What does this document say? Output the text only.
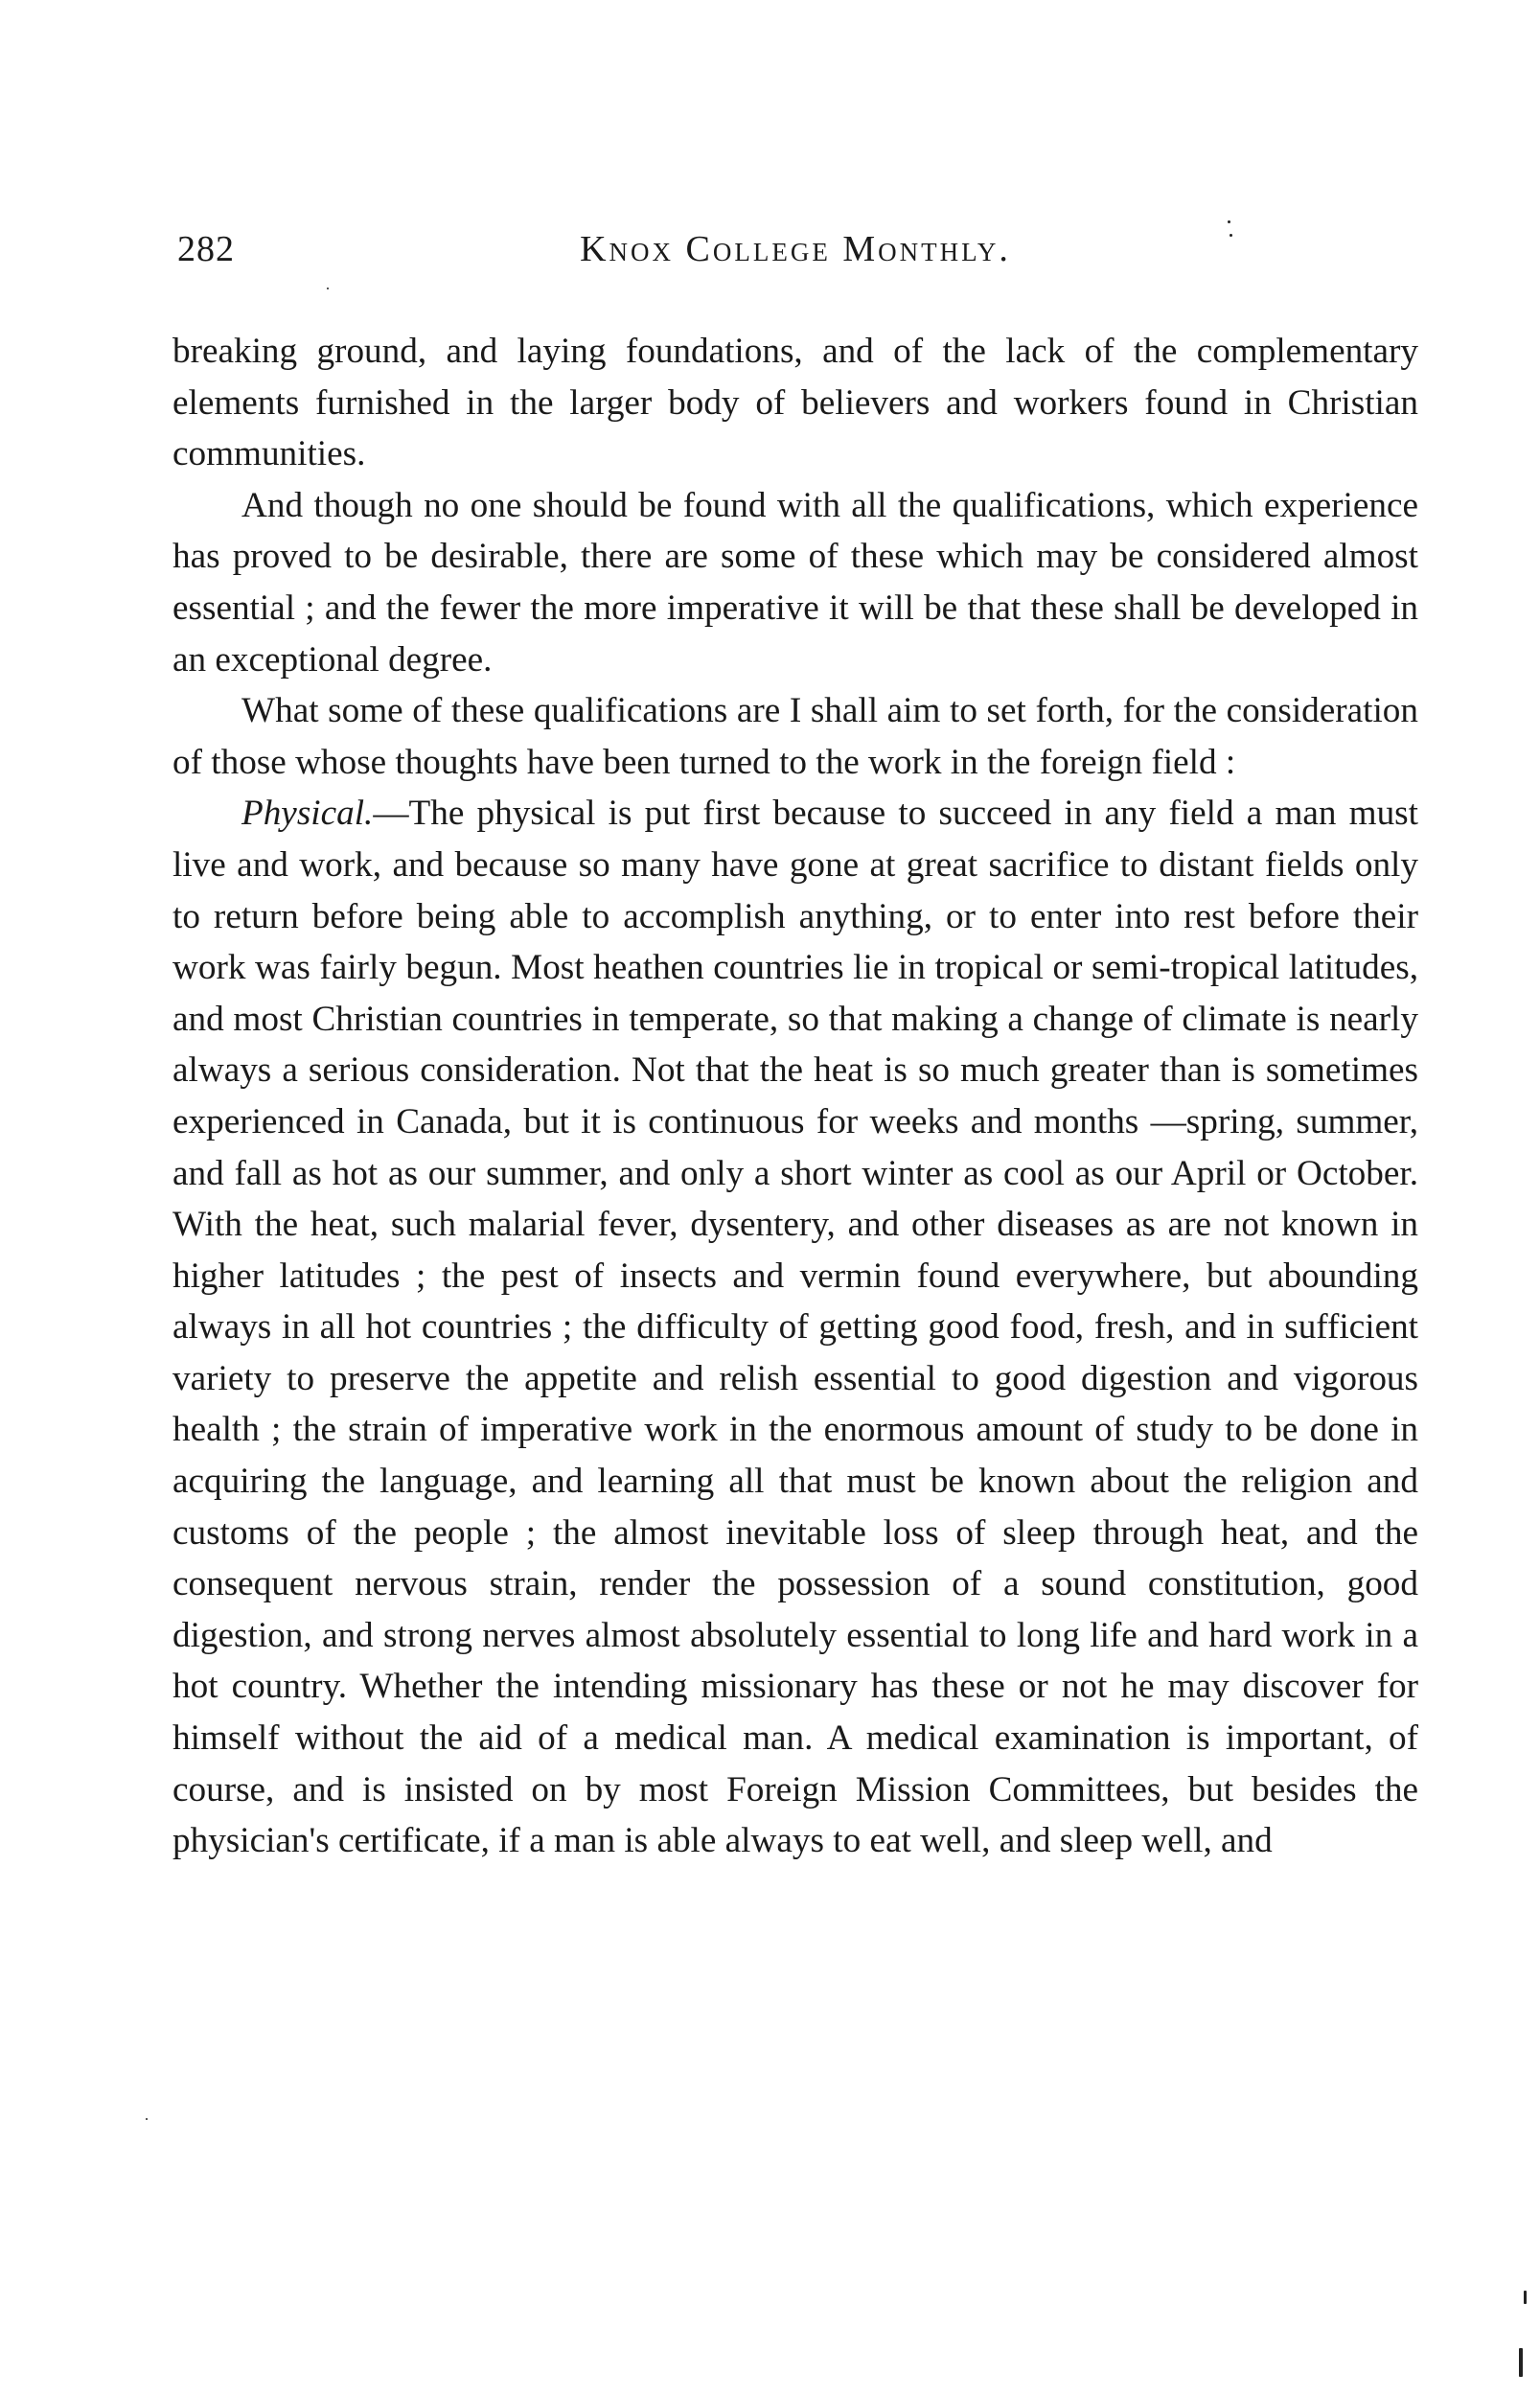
282	Knox College Monthly.

breaking ground, and laying foundations, and of the lack of the complementary elements furnished in the larger body of believers and workers found in Christian communities.

And though no one should be found with all the qualifications, which experience has proved to be desirable, there are some of these which may be considered almost essential ; and the fewer the more imperative it will be that these shall be developed in an exceptional degree.

What some of these qualifications are I shall aim to set forth, for the consideration of those whose thoughts have been turned to the work in the foreign field :

Physical.—The physical is put first because to succeed in any field a man must live and work, and because so many have gone at great sacrifice to distant fields only to return before being able to accomplish anything, or to enter into rest before their work was fairly begun. Most heathen countries lie in tropical or semi-tropical latitudes, and most Christian countries in temperate, so that making a change of climate is nearly always a serious consideration. Not that the heat is so much greater than is sometimes experienced in Canada, but it is continuous for weeks and months —spring, summer, and fall as hot as our summer, and only a short winter as cool as our April or October. With the heat, such malarial fever, dysentery, and other diseases as are not known in higher latitudes ; the pest of insects and vermin found everywhere, but abounding always in all hot countries ; the difficulty of getting good food, fresh, and in sufficient variety to preserve the appetite and relish essential to good digestion and vigorous health ; the strain of imperative work in the enormous amount of study to be done in acquiring the language, and learning all that must be known about the religion and customs of the people ; the almost inevitable loss of sleep through heat, and the consequent nervous strain, render the possession of a sound constitution, good digestion, and strong nerves almost absolutely essential to long life and hard work in a hot country. Whether the intending missionary has these or not he may discover for himself without the aid of a medical man. A medical examination is important, of course, and is insisted on by most Foreign Mission Committees, but besides the physician's certificate, if a man is able always to eat well, and sleep well, and
